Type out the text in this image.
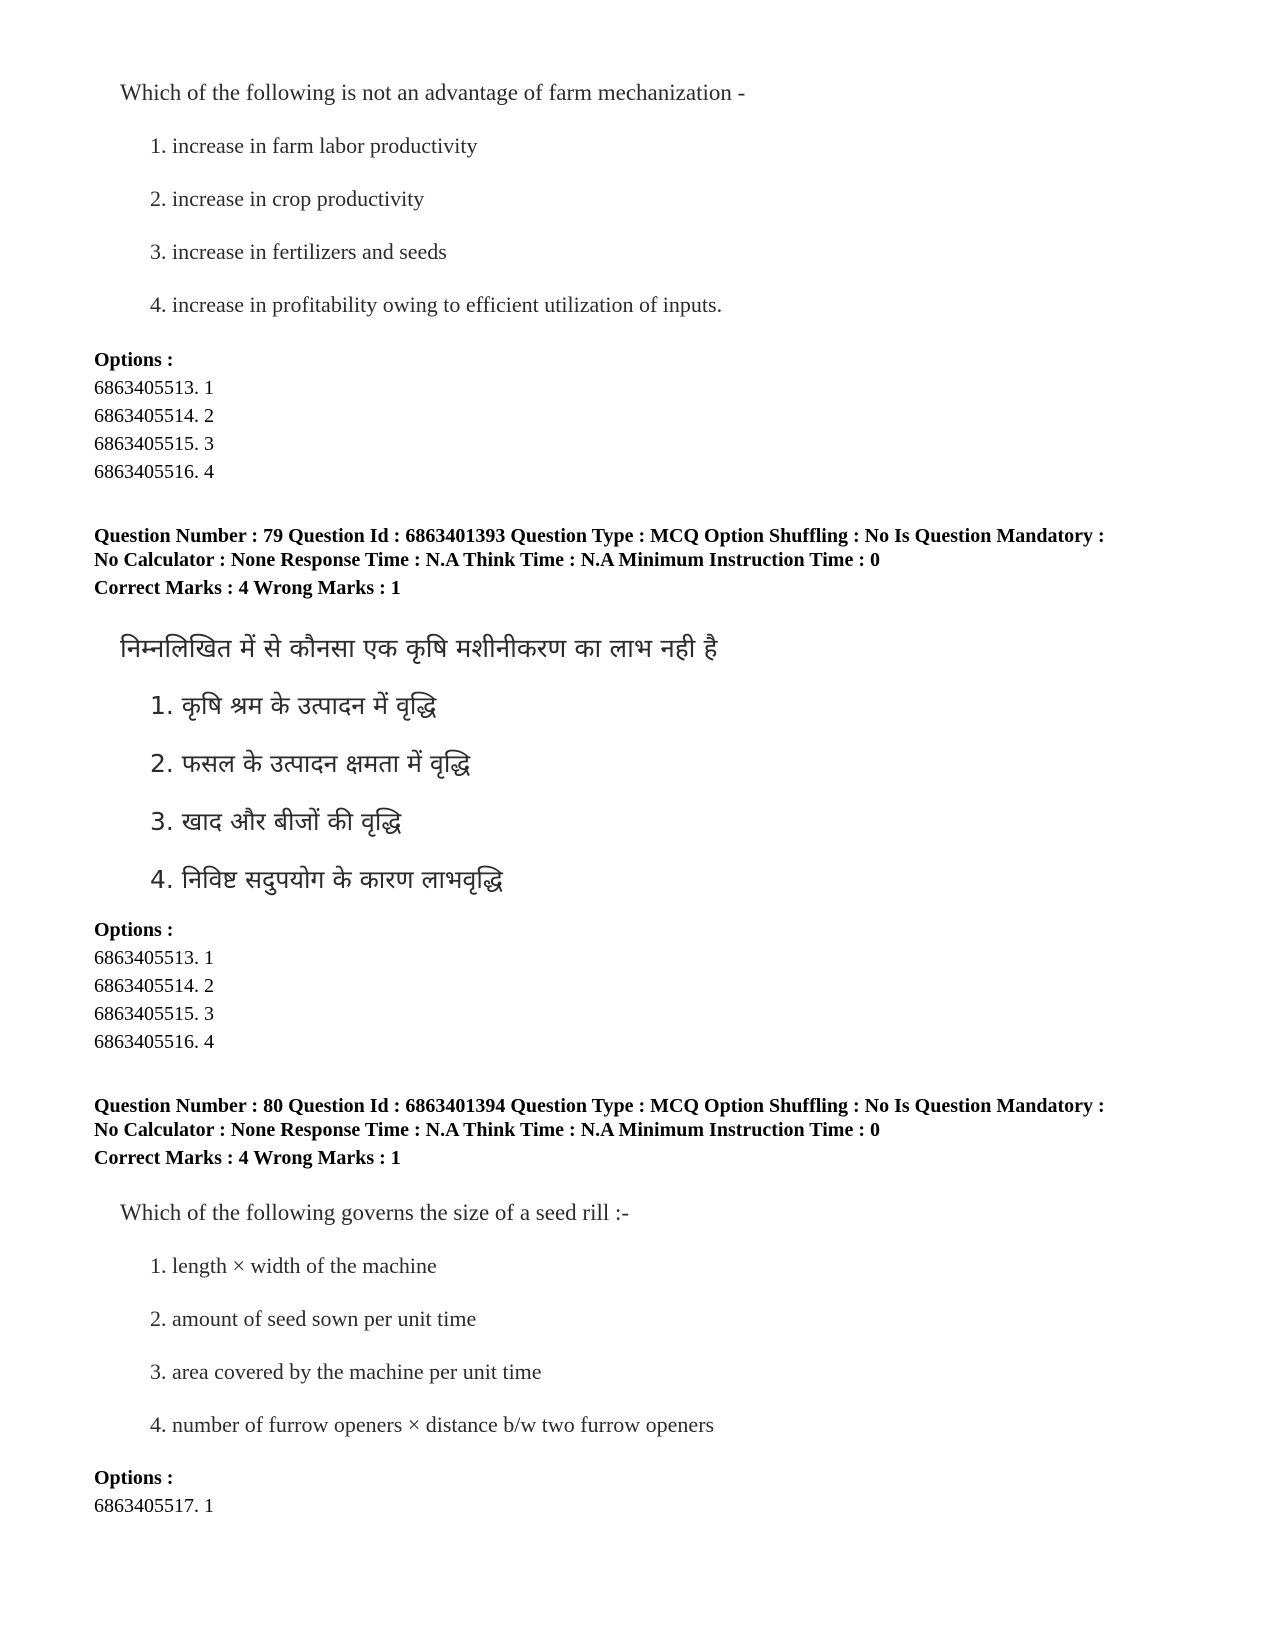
Which of the following is not an advantage of farm mechanization -

1. increase in farm labor productivity

2. increase in crop productivity

3. increase in fertilizers and seeds

4. increase in profitability owing to efficient utilization of inputs.

Options :

6863405513. 1

6863405514. 2

6863405515. 3

6863405516. 4

Question Number : 79 Question Id : 6863401393 Question Type : MCQ Option Shuffling : No Is Question Mandatory :

No Calculator : None Response Time : N.A Think Time : N.A Minimum Instruction Time : 0

Correct Marks : 4 Wrong Marks : 1

निम्नलिखित में से कौनसा एक कृषि मशीनीकरण का लाभ नही है

1. कृषि श्रम के उत्पादन में वृद्धि

2. फसल के उत्पादन क्षमता में वृद्धि

3. खाद और बीजों की वृद्धि

4. निविष्ट सदुपयोग के कारण लाभवृद्धि

Options :

6863405513. 1

6863405514. 2

6863405515. 3

6863405516. 4

Question Number : 80 Question Id : 6863401394 Question Type : MCQ Option Shuffling : No Is Question Mandatory :

No Calculator : None Response Time : N.A Think Time : N.A Minimum Instruction Time : 0

Correct Marks : 4 Wrong Marks : 1

Which of the following governs the size of a seed rill :-

1. length × width of the machine

2. amount of seed sown per unit time

3. area covered by the machine per unit time

4. number of furrow openers × distance b/w two furrow openers

Options :

6863405517. 1
